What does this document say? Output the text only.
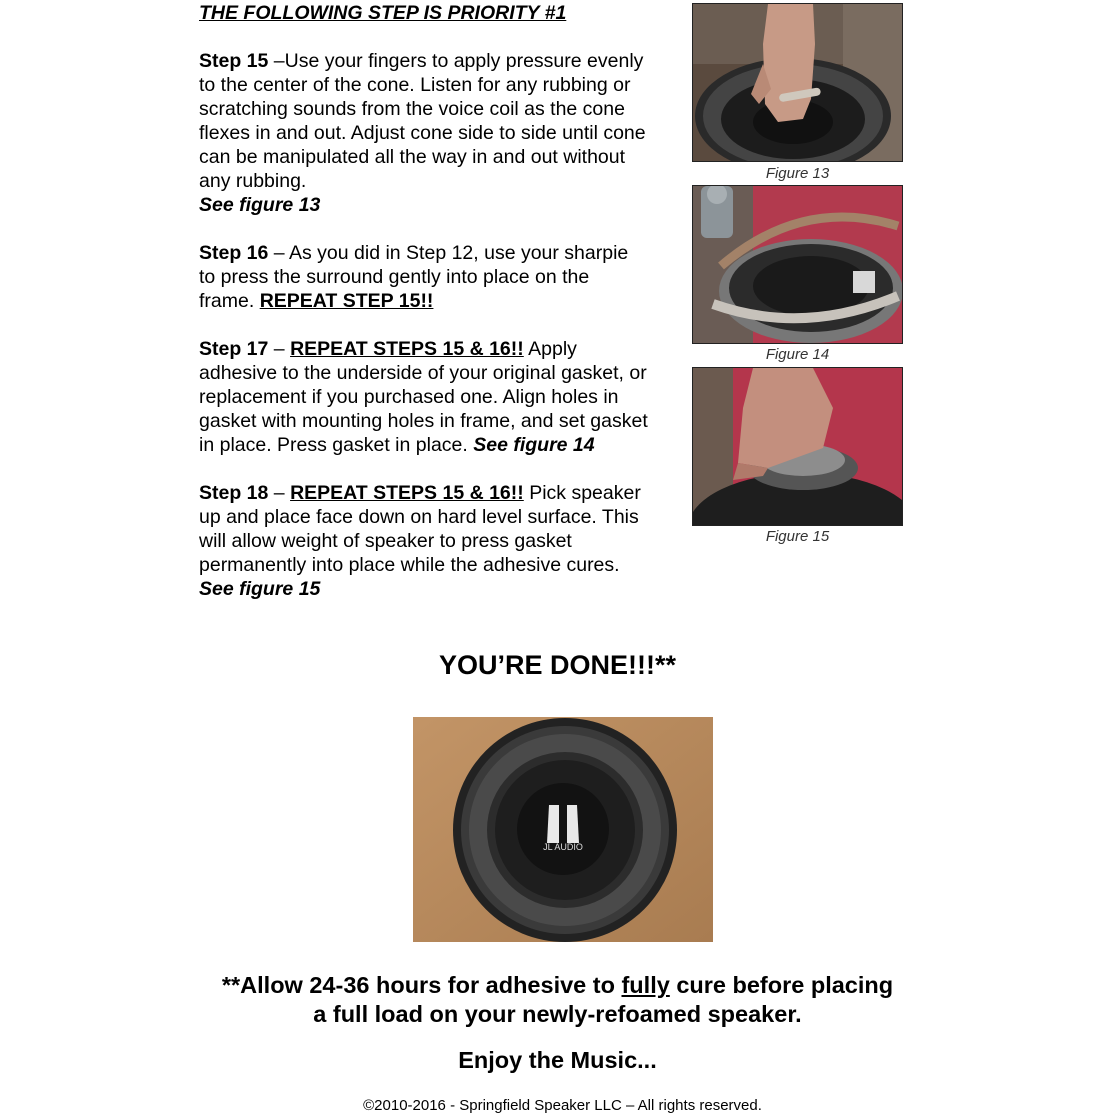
THE FOLLOWING STEP IS PRIORITY #1

Step 15 –Use your fingers to apply pressure evenly to the center of the cone. Listen for any rubbing or scratching sounds from the voice coil as the cone flexes in and out. Adjust cone side to side until cone can be manipulated all the way in and out without any rubbing.
See figure 13

Step 16 – As you did in Step 12, use your sharpie to press the surround gently into place on the frame. REPEAT STEP 15!!

Step 17 – REPEAT STEPS 15 & 16!! Apply adhesive to the underside of your original gasket, or replacement if you purchased one. Align holes in gasket with mounting holes in frame, and set gasket in place. Press gasket in place. See figure 14

Step 18 – REPEAT STEPS 15 & 16!! Pick speaker up and place face down on hard level surface. This will allow weight of speaker to press gasket permanently into place while the adhesive cures. See figure 15

Figure 13
Figure 14
Figure 15
YOU’RE DONE!!!**
JL AUDIO
**Allow 24-36 hours for adhesive to fully cure before placing
a full load on your newly-refoamed speaker.
Enjoy the Music...
©2010-2016 - Springfield Speaker LLC – All rights reserved.
